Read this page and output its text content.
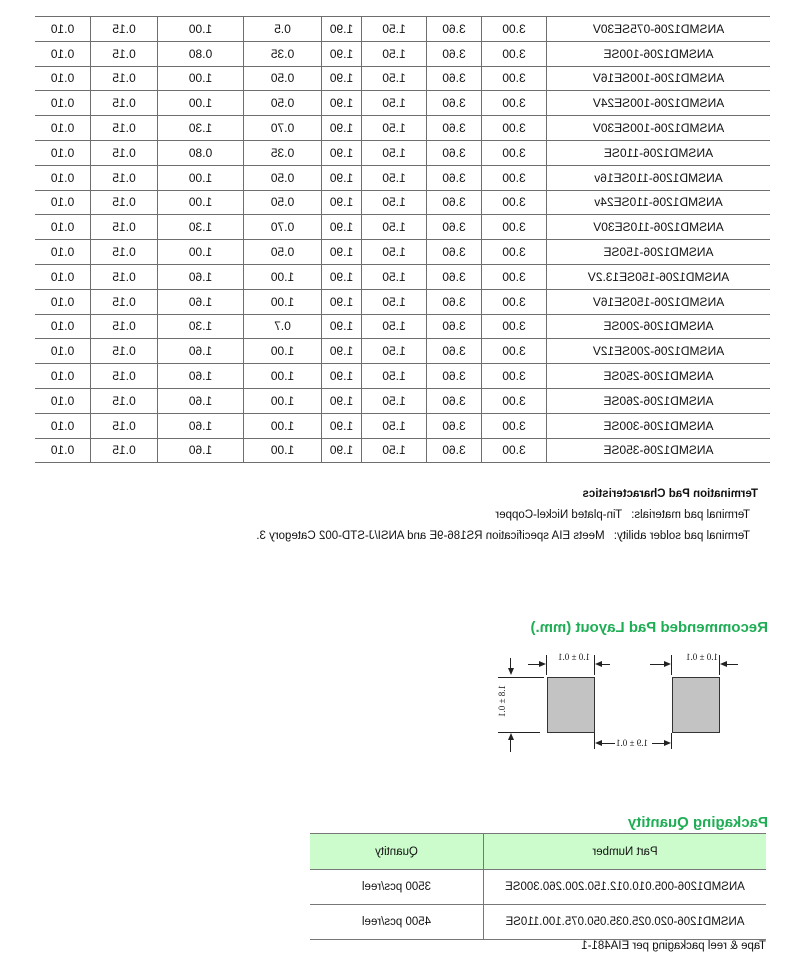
ANSMD1206-075SE30V	3.00	3.60	1.50	1.90	0.5	1.00	0.15	0.10
ANSMD1206-100SE	3.00	3.60	1.50	1.90	0.35	0.80	0.15	0.10
ANSMD1206-100SE16V	3.00	3.60	1.50	1.90	0.50	1.00	0.15	0.10
ANSMD1206-100SE24V	3.00	3.60	1.50	1.90	0.50	1.00	0.15	0.10
ANSMD1206-100SE30V	3.00	3.60	1.50	1.90	0.70	1.30	0.15	0.10
ANSMD1206-110SE	3.00	3.60	1.50	1.90	0.35	0.80	0.15	0.10
ANSMD1206-110SE16v	3.00	3.60	1.50	1.90	0.50	1.00	0.15	0.10
ANSMD1206-110SE24v	3.00	3.60	1.50	1.90	0.50	1.00	0.15	0.10
ANSMD1206-110SE30V	3.00	3.60	1.50	1.90	0.70	1.30	0.15	0.10
ANSMD1206-150SE	3.00	3.60	1.50	1.90	0.50	1.00	0.15	0.10
ANSMD1206-150SE13.2V	3.00	3.60	1.50	1.90	1.00	1.60	0.15	0.10
ANSMD1206-150SE16V	3.00	3.60	1.50	1.90	1.00	1.60	0.15	0.10
ANSMD1206-200SE	3.00	3.60	1.50	1.90	0.7	1.30	0.15	0.10
ANSMD1206-200SE12V	3.00	3.60	1.50	1.90	1.00	1.60	0.15	0.10
ANSMD1206-250SE	3.00	3.60	1.50	1.90	1.00	1.60	0.15	0.10
ANSMD1206-260SE	3.00	3.60	1.50	1.90	1.00	1.60	0.15	0.10
ANSMD1206-300SE	3.00	3.60	1.50	1.90	1.00	1.60	0.15	0.10
ANSMD1206-350SE	3.00	3.60	1.50	1.90	1.00	1.60	0.15	0.10
Termination Pad Characteristics
Terminal pad materials: Tin-plated Nickel-Copper
Terminal pad solder ability: Meets EIA specification RS186-9E and ANSI/J-STD-002 Category 3.
Recommended Pad Layout (mm.)
1.0 ± 0.1
1.0 ± 0.1
1.9 ± 0.1
1.8 ± 0.1
Packaging Quantity
Part Number	Quantity
ANSMD1206-005.010.012.150.200.260.300SE	3500 pcs/reel
ANSMD1206-020.025.035.050.075.100.110SE	4500 pcs/reel
Tape & reel packaging per EIA481-1
